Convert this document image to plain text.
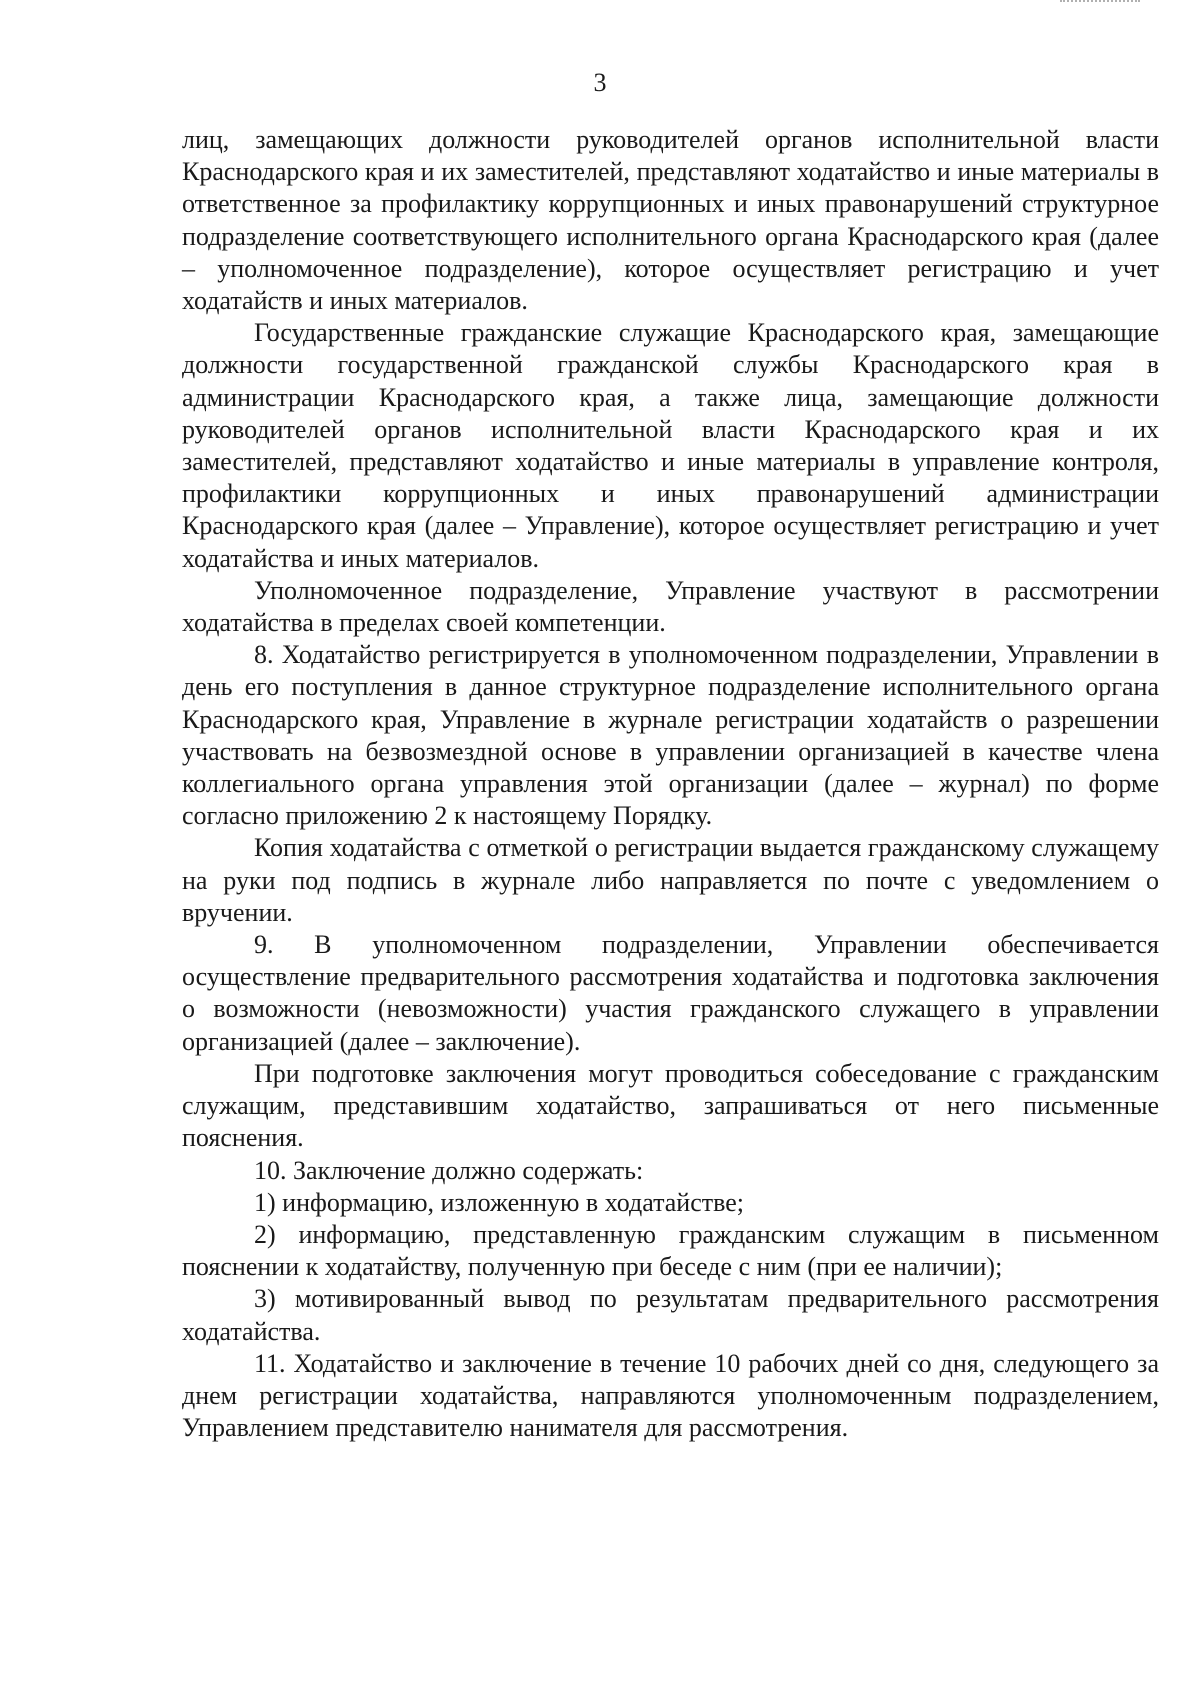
3

лиц, замещающих должности руководителей органов исполнительной власти Краснодарского края и их заместителей, представляют ходатайство и иные материалы в ответственное за профилактику коррупционных и иных правонарушений структурное подразделение соответствующего исполнительного органа Краснодарского края (далее – уполномоченное подразделение), которое осуществляет регистрацию и учет ходатайств и иных материалов.

Государственные гражданские служащие Краснодарского края, замещающие должности государственной гражданской службы Краснодарского края в администрации Краснодарского края, а также лица, замещающие должности руководителей органов исполнительной власти Краснодарского края и их заместителей, представляют ходатайство и иные материалы в управление контроля, профилактики коррупционных и иных правонарушений администрации Краснодарского края (далее – Управление), которое осуществляет регистрацию и учет ходатайства и иных материалов.

Уполномоченное подразделение, Управление участвуют в рассмотрении ходатайства в пределах своей компетенции.

8. Ходатайство регистрируется в уполномоченном подразделении, Управлении в день его поступления в данное структурное подразделение исполнительного органа Краснодарского края, Управление в журнале регистрации ходатайств о разрешении участвовать на безвозмездной основе в управлении организацией в качестве члена коллегиального органа управления этой организации (далее – журнал) по форме согласно приложению 2 к настоящему Порядку.

Копия ходатайства с отметкой о регистрации выдается гражданскому служащему на руки под подпись в журнале либо направляется по почте с уведомлением о вручении.

9. В уполномоченном подразделении, Управлении обеспечивается осуществление предварительного рассмотрения ходатайства и подготовка заключения о возможности (невозможности) участия гражданского служащего в управлении организацией (далее – заключение).

При подготовке заключения могут проводиться собеседование с гражданским служащим, представившим ходатайство, запрашиваться от него письменные пояснения.

10. Заключение должно содержать:

1) информацию, изложенную в ходатайстве;

2) информацию, представленную гражданским служащим в письменном пояснении к ходатайству, полученную при беседе с ним (при ее наличии);

3) мотивированный вывод по результатам предварительного рассмотрения ходатайства.

11. Ходатайство и заключение в течение 10 рабочих дней со дня, следующего за днем регистрации ходатайства, направляются уполномоченным подразделением, Управлением представителю нанимателя для рассмотрения.
